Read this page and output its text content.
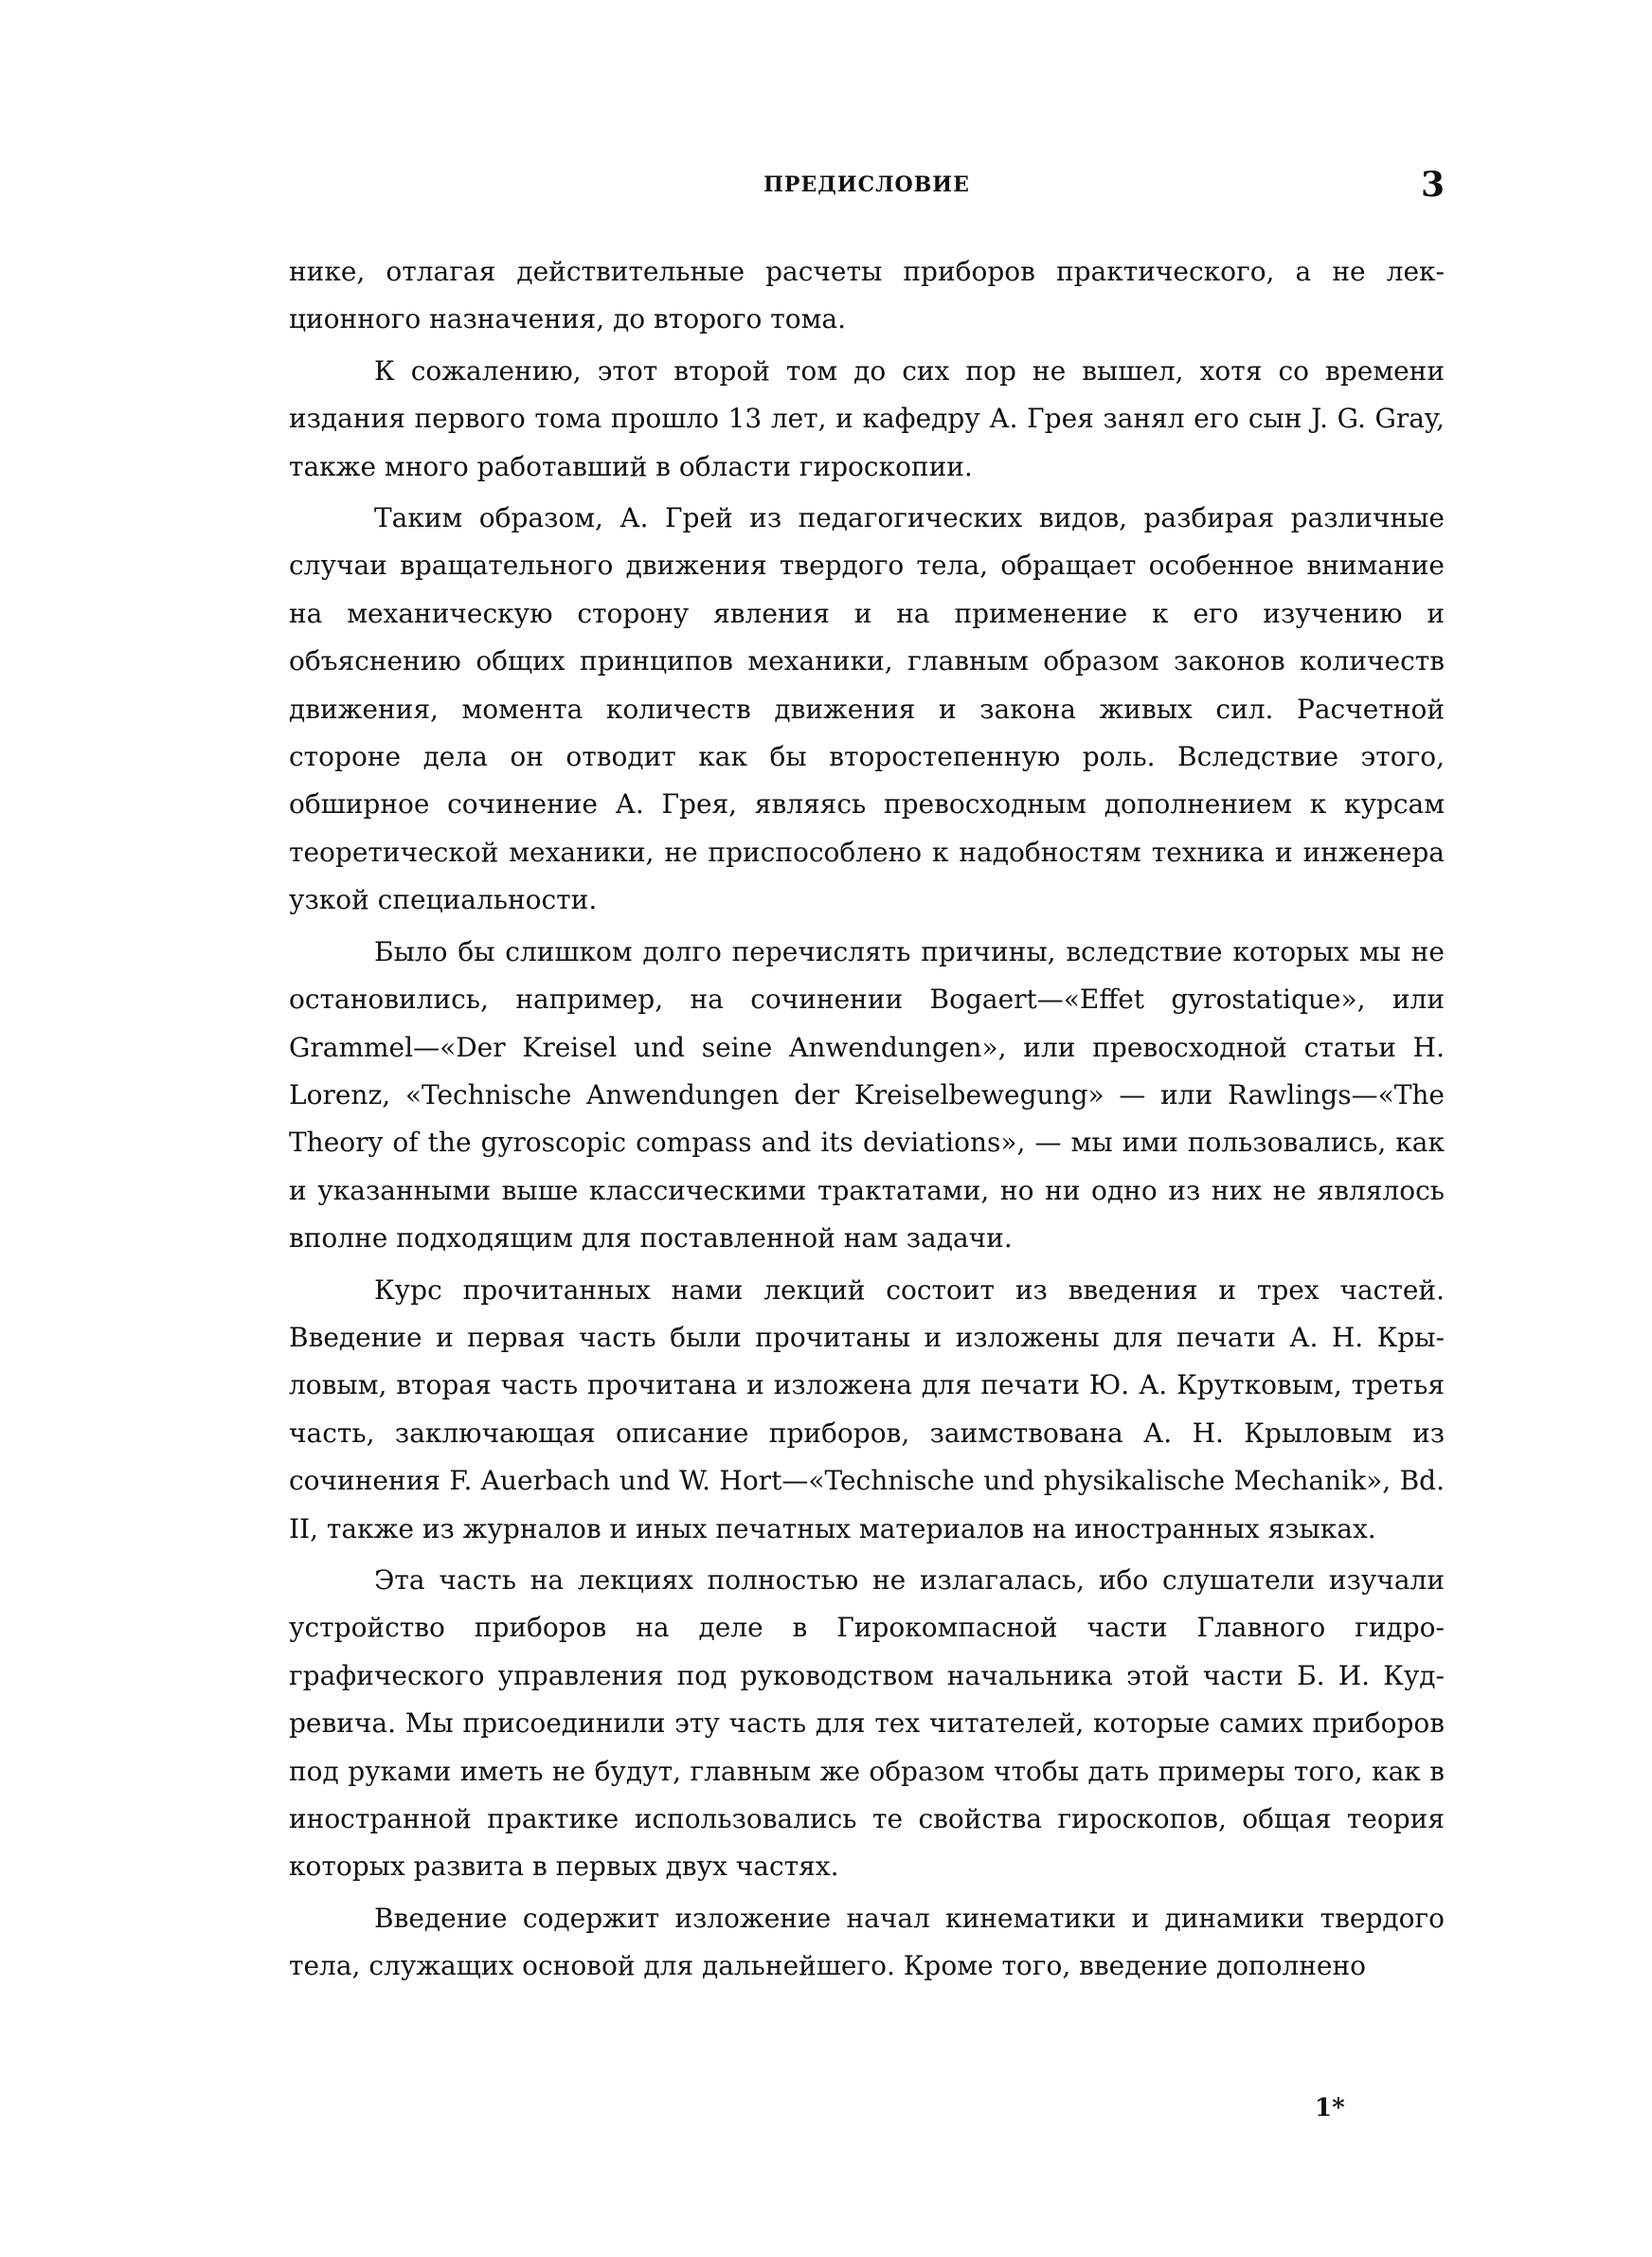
ПРЕДИСЛОВИЕ	3

нике, отлагая действительные расчеты приборов практического, а не лекционного назначения, до второго тома.

К сожалению, этот второй том до сих пор не вышел, хотя со времени издания первого тома прошло 13 лет, и кафедру А. Грея занял его сын J. G. Gray, также много работавший в области гироскопии.

Таким образом, А. Грей из педагогических видов, разбирая различные случаи вращательного движения твердого тела, обращает особенное внимание на механическую сторону явления и на применение к его изучению и объяснению общих принципов механики, главным образом законов количеств движения, момента количеств движения и закона живых сил. Расчетной стороне дела он отводит как бы второстепенную роль. Вследствие этого, обширное сочинение А. Грея, являясь превосходным дополнением к курсам теоретической механики, не приспособлено к надобностям техника и инженера узкой специальности.

Было бы слишком долго перечислять причины, вследствие которых мы не остановились, например, на сочинении Bogaert—«Effet gyrostatique», или Grammel—«Der Kreisel und seine Anwendungen», или превосходной статьи H. Lorenz, «Technische Anwendungen der Kreiselbewegung» — или Rawlings—«The Theory of the gyroscopic compass and its deviations», — мы ими пользовались, как и указанными выше классическими трактатами, но ни одно из них не являлось вполне подходящим для поставленной нам задачи.

Курс прочитанных нами лекций состоит из введения и трех частей. Введение и первая часть были прочитаны и изложены для печати А. Н. Крыловым, вторая часть прочитана и изложена для печати Ю. А. Крутковым, третья часть, заключающая описание приборов, заимствована А. Н. Крыловым из сочинения F. Auerbach und W. Hort—«Technische und physikalische Mechanik», Bd. II, также из журналов и иных печатных материалов на иностранных языках.

Эта часть на лекциях полностью не излагалась, ибо слушатели изучали устройство приборов на деле в Гирокомпасной части Главного гидрографического управления под руководством начальника этой части Б. И. Кудревича. Мы присоединили эту часть для тех читателей, которые самих приборов под руками иметь не будут, главным же образом чтобы дать примеры того, как в иностранной практике использовались те свойства гироскопов, общая теория которых развита в первых двух частях.

Введение содержит изложение начал кинематики и динамики твердого тела, служащих основой для дальнейшего. Кроме того, введение дополнено

1*
